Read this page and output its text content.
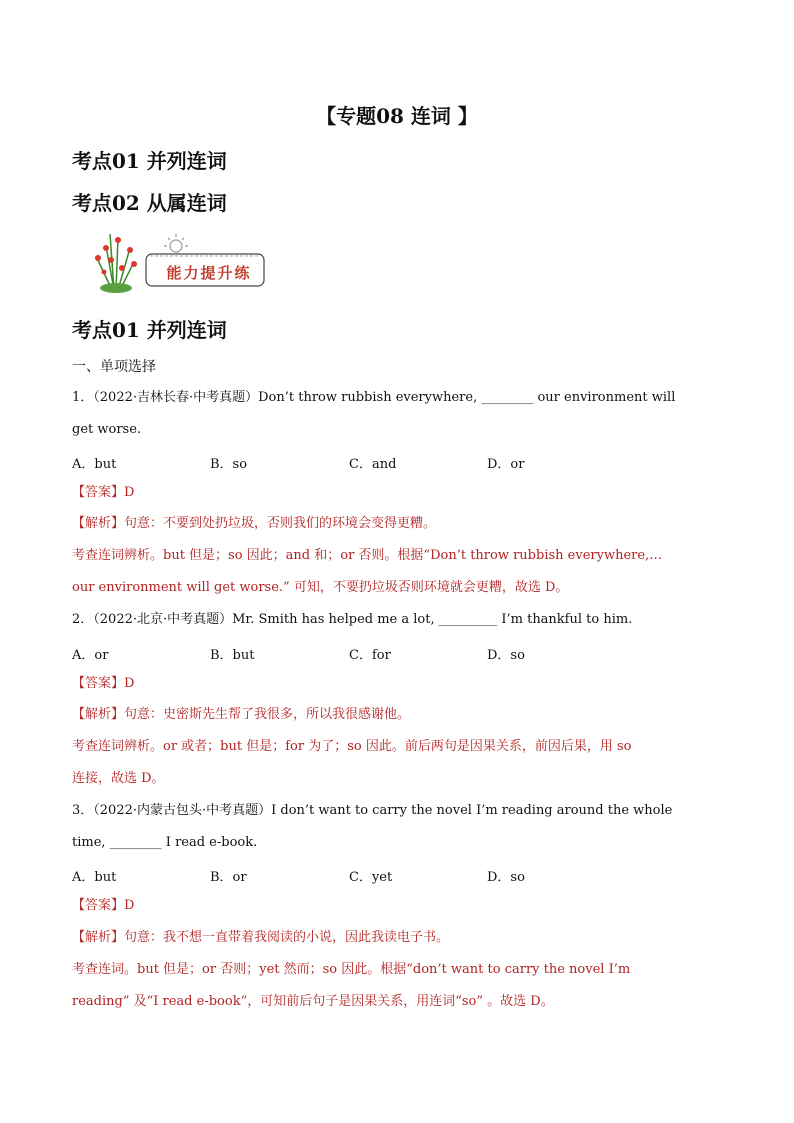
【专题08 连词 】
考点01 并列连词
考点02 从属连词
能力提升练
考点01 并列连词
一、单项选择
1．（2022·吉林长春·中考真题）Don’t throw rubbish everywhere, ________ our environment will
get worse.
A．but	B．so	C．and	D．or
【答案】D
【解析】句意：不要到处扔垃圾，否则我们的环境会变得更糟。
考查连词辨析。but 但是；so 因此；and 和；or 否则。根据“Don’t throw rubbish everywhere,…
our environment will get worse.” 可知，不要扔垃圾否则环境就会更糟，故选 D。
2．（2022·北京·中考真题）Mr. Smith has helped me a lot, _________ I’m thankful to him.
A．or	B．but	C．for	D．so
【答案】D
【解析】句意：史密斯先生帮了我很多，所以我很感谢他。
考查连词辨析。or 或者；but 但是；for 为了；so 因此。前后两句是因果关系，前因后果，用 so
连接，故选 D。
3．（2022·内蒙古包头·中考真题）I don’t want to carry the novel I’m reading around the whole
time, ________ I read e-book.
A．but	B．or	C．yet	D．so
【答案】D
【解析】句意：我不想一直带着我阅读的小说，因此我读电子书。
考查连词。but 但是；or 否则；yet 然而；so 因此。根据“don’t want to carry the novel I’m
reading” 及“I read e-book”，可知前后句子是因果关系，用连词“so” 。故选 D。
